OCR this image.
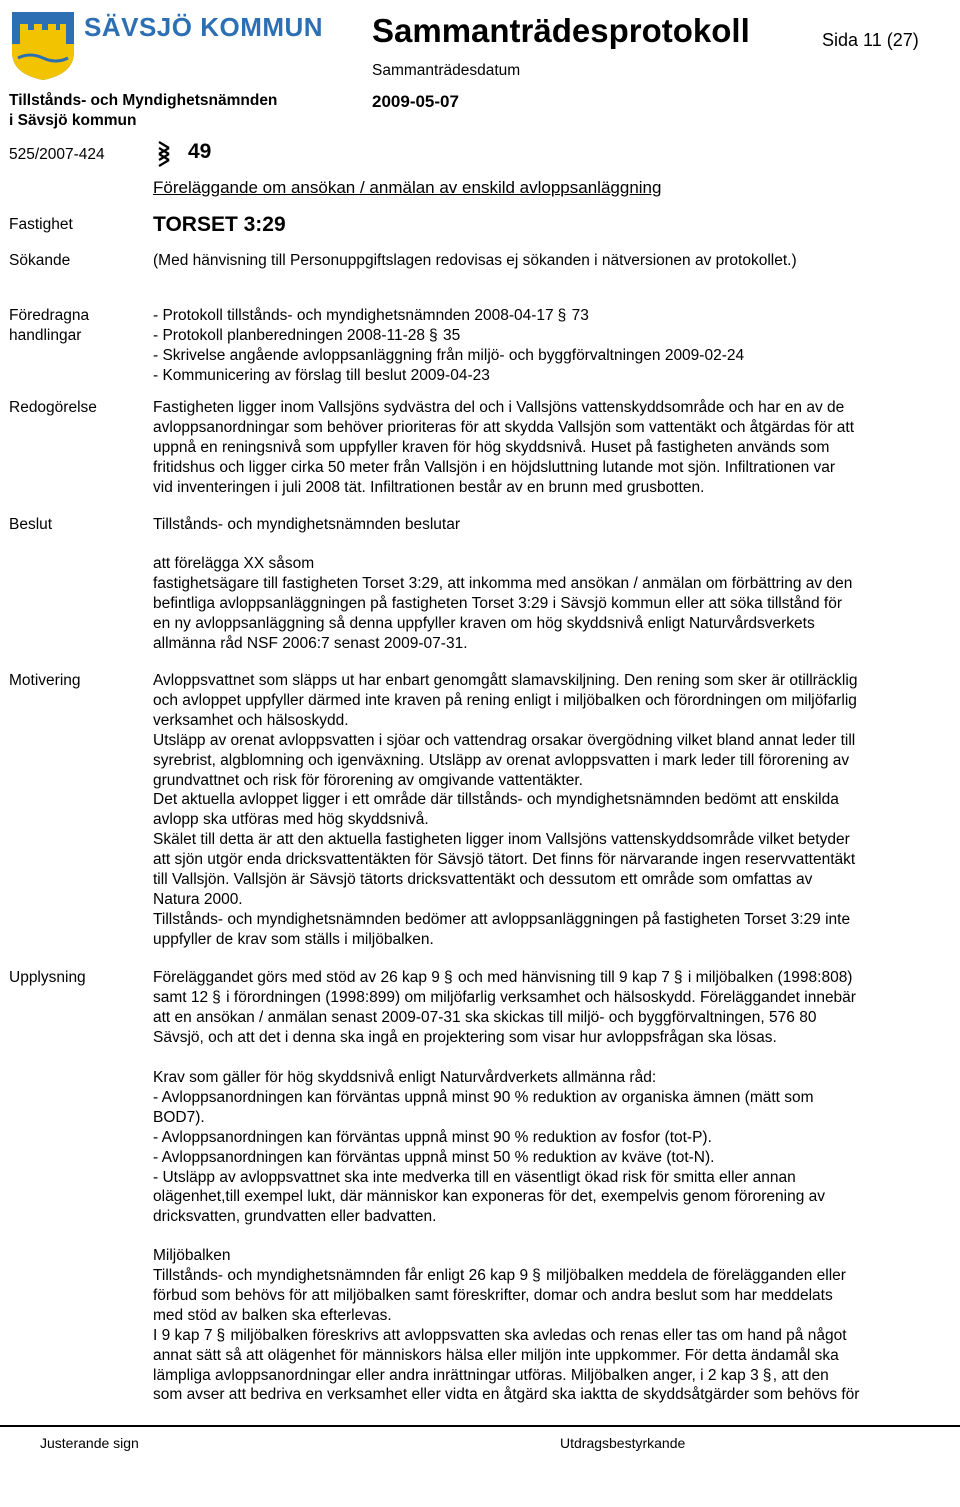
SÄVSJÖ KOMMUN Sammanträdesprotokoll	Sida 11 (27)
Sammanträdesdatum
Tillstånds- och Myndighetsnämnden
i Sävsjö kommun
2009-05-07
525/2007-424	49
Föreläggande om ansökan / anmälan av enskild avloppsanläggning
Fastighet	TORSET 3:29
Sökande	(Med hänvisning till Personuppgiftslagen redovisas ej sökanden i nätversionen av protokollet.)
Föredragna
handlingar
- Protokoll tillstånds- och myndighetsnämnden 2008-04-17 § 73
- Protokoll planberedningen 2008-11-28 § 35
- Skrivelse angående avloppsanläggning från miljö- och byggförvaltningen 2009-02-24
- Kommunicering av förslag till beslut 2009-04-23
Redogörelse	Fastigheten ligger inom Vallsjöns sydvästra del och i Vallsjöns vattenskyddsområde och har en av de
avloppsanordningar som behöver prioriteras för att skydda Vallsjön som vattentäkt och åtgärdas för att
uppnå en reningsnivå som uppfyller kraven för hög skyddsnivå. Huset på fastigheten används som
fritidshus och ligger cirka 50 meter från Vallsjön i en höjdsluttning lutande mot sjön. Infiltrationen var
vid inventeringen i juli 2008 tät. Infiltrationen består av en brunn med grusbotten.
Beslut	Tillstånds- och myndighetsnämnden beslutar
att förelägga XX såsom
fastighetsägare till fastigheten Torset 3:29, att inkomma med ansökan / anmälan om förbättring av den
befintliga avloppsanläggningen på fastigheten Torset 3:29 i Sävsjö kommun eller att söka tillstånd för
en ny avloppsanläggning så denna uppfyller kraven om hög skyddsnivå enligt Naturvårdsverkets
allmänna råd NSF 2006:7 senast 2009-07-31.
Motivering	Avloppsvattnet som släpps ut har enbart genomgått slamavskiljning. Den rening som sker är otillräcklig
och avloppet uppfyller därmed inte kraven på rening enligt i miljöbalken och förordningen om miljöfarlig
verksamhet och hälsoskydd.
Utsläpp av orenat avloppsvatten i sjöar och vattendrag orsakar övergödning vilket bland annat leder till
syrebrist, algblomning och igenväxning. Utsläpp av orenat avloppsvatten i mark leder till förorening av
grundvattnet och risk för förorening av omgivande vattentäkter.
Det aktuella avloppet ligger i ett område där tillstånds- och myndighetsnämnden bedömt att enskilda
avlopp ska utföras med hög skyddsnivå.
Skälet till detta är att den aktuella fastigheten ligger inom Vallsjöns vattenskyddsområde vilket betyder
att sjön utgör enda dricksvattentäkten för Sävsjö tätort. Det finns för närvarande ingen reservvattentäkt
till Vallsjön. Vallsjön är Sävsjö tätorts dricksvattentäkt och dessutom ett område som omfattas av
Natura 2000.
Tillstånds- och myndighetsnämnden bedömer att avloppsanläggningen på fastigheten Torset 3:29 inte
uppfyller de krav som ställs i miljöbalken.
Upplysning	Föreläggandet görs med stöd av 26 kap 9 § och med hänvisning till 9 kap 7 § i miljöbalken (1998:808)
samt 12 § i förordningen (1998:899) om miljöfarlig verksamhet och hälsoskydd. Föreläggandet innebär
att en ansökan / anmälan senast 2009-07-31 ska skickas till miljö- och byggförvaltningen, 576 80
Sävsjö, och att det i denna ska ingå en projektering som visar hur avloppsfrågan ska lösas.
Krav som gäller för hög skyddsnivå enligt Naturvårdverkets allmänna råd:
- Avloppsanordningen kan förväntas uppnå minst 90 % reduktion av organiska ämnen (mätt som
BOD7).
- Avloppsanordningen kan förväntas uppnå minst 90 % reduktion av fosfor (tot-P).
- Avloppsanordningen kan förväntas uppnå minst 50 % reduktion av kväve (tot-N).
- Utsläpp av avloppsvattnet ska inte medverka till en väsentligt ökad risk för smitta eller annan
olägenhet,till exempel lukt, där människor kan exponeras för det, exempelvis genom förorening av
dricksvatten, grundvatten eller badvatten.
Miljöbalken
Tillstånds- och myndighetsnämnden får enligt 26 kap 9 § miljöbalken meddela de förelägganden eller
förbud som behövs för att miljöbalken samt föreskrifter, domar och andra beslut som har meddelats
med stöd av balken ska efterlevas.
I 9 kap 7 § miljöbalken föreskrivs att avloppsvatten ska avledas och renas eller tas om hand på något
annat sätt så att olägenhet för människors hälsa eller miljön inte uppkommer. För detta ändamål ska
lämpliga avloppsanordningar eller andra inrättningar utföras. Miljöbalken anger, i 2 kap 3 §, att den
som avser att bedriva en verksamhet eller vidta en åtgärd ska iaktta de skyddsåtgärder som behövs för
Justerande sign	Utdragsbestyrkande
